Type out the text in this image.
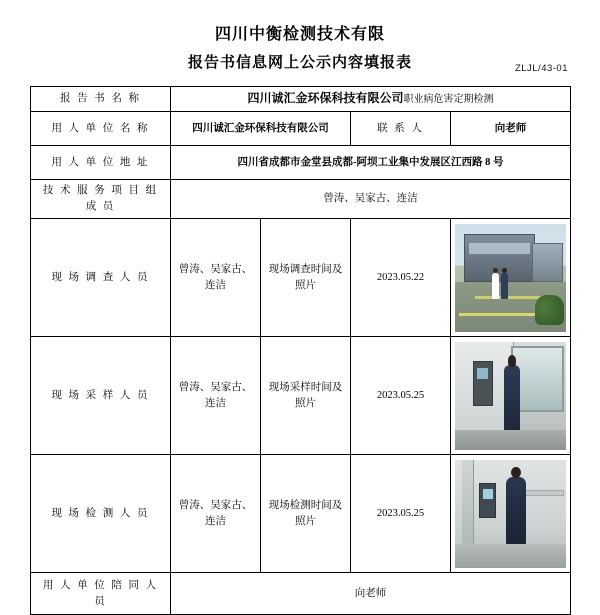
四川中衡检测技术有限
报告书信息网上公示内容填报表	ZLJL/43-01
报 告 书 名 称	四川诚汇金环保科技有限公司职业病危害定期检测			
用 人 单 位 名 称	四川诚汇金环保科技有限公司		联 系 人	向老师
用 人 单 位 地 址	四川省成都市金堂县成都-阿坝工业集中发展区江西路 8 号			
技 术 服 务 项 目 组 成 员	曾涛、吴家古、连洁			
现 场 调 查 人 员	曾涛、吴家古、连洁	现场调查时间及照片	2023.05.22	

现 场 采 样 人 员	曾涛、吴家古、连洁	现场采样时间及照片	2023.05.25	

现 场 检 测 人 员	曾涛、吴家古、连洁	现场检测时间及照片	2023.05.25	

用 人 单 位 陪 同 人 员	向老师			
